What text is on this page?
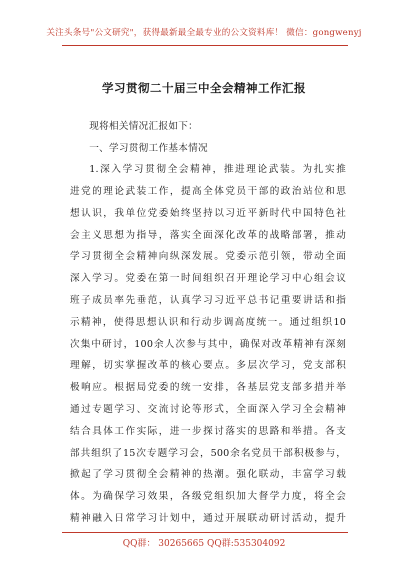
关注头条号"公文研究"，获得最新最全最专业的公文资料库！ 微信：gongwenyj
学习贯彻二十届三中全会精神工作汇报

现将相关情况汇报如下：

一、学习贯彻工作基本情况

1.深入学习贯彻全会精神，推进理论武装。为扎实推

进党的理论武装工作，提高全体党员干部的政治站位和思

想认识，我单位党委始终坚持以习近平新时代中国特色社

会主义思想为指导，落实全面深化改革的战略部署，推动

学习贯彻全会精神向纵深发展。党委示范引领，带动全面

深入学习。党委在第一时间组织召开理论学习中心组会议

班子成员率先垂范，认真学习习近平总书记重要讲话和指

示精神，使得思想认识和行动步调高度统一。通过组织10

次集中研讨，100余人次参与其中，确保对改革精神有深刻

理解，切实掌握改革的核心要点。多层次学习，党支部积

极响应。根据局党委的统一安排，各基层党支部多措并举

通过专题学习、交流讨论等形式，全面深入学习全会精神

结合具体工作实际，进一步探讨落实的思路和举措。各支

部共组织了15次专题学习会，500余名党员干部积极参与，

掀起了学习贯彻全会精神的热潮。强化联动，丰富学习载

体。为确保学习效果，各级党组织加大督学力度，将全会

精神融入日常学习计划中，通过开展联动研讨活动，提升

QQ群： 30265665 QQ群:535304092
